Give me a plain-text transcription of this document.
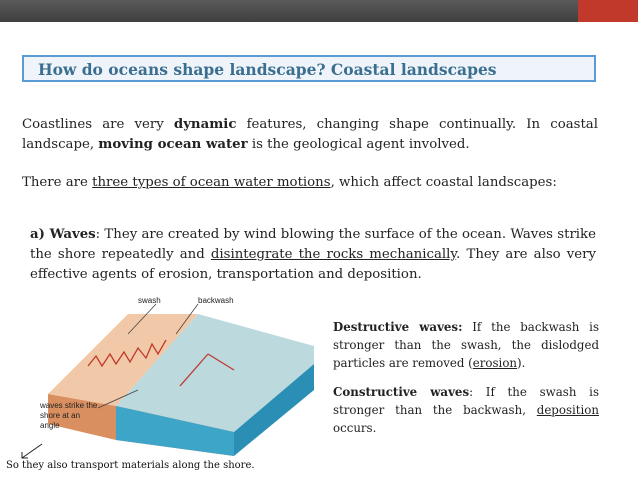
How do oceans shape landscape? Coastal landscapes
Coastlines are very dynamic features, changing shape continually. In coastal landscape, moving ocean water is the geological agent involved.
There are three types of ocean water motions, which affect coastal landscapes:
a) Waves: They are created by wind blowing the surface of the ocean. Waves strike the shore repeatedly and disintegrate the rocks mechanically. They are also very effective agents of erosion, transportation and deposition.
swash	backwash
waves strike the
shore at an
angle
Destructive waves: If the backwash is stronger than the swash, the dislodged particles are removed (erosion).
Constructive waves: If the swash is stronger than the backwash, deposition occurs.
So they also transport materials along the shore.
